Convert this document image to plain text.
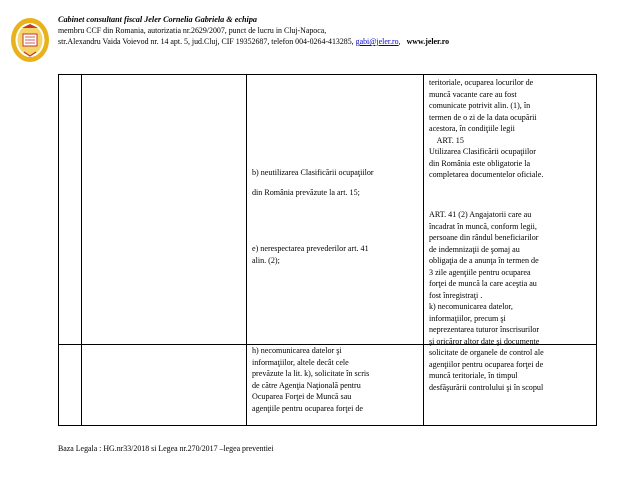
Cabinet consultant fiscal Jeler Cornelia Gabriela & echipa
membru CCF din Romania, autorizatia nr.2629/2007, punct de lucru in Cluj-Napoca,
str.Alexandru Vaida Voievod nr. 14 apt. 5, jud.Cluj, CIF 19352687, telefon 004-0264-413285, gabi@jeler.ro, www.jeler.ro
b) neutilizarea Clasificării ocupaţiilor
din România prevăzute la art. 15;
e) nerespectarea prevederilor art. 41
alin. (2);
h) necomunicarea datelor şi
informaţiilor, altele decât cele
prevăzute la lit. k), solicitate în scris
de către Agenţia Naţională pentru
Ocuparea Forţei de Muncă sau
agenţiile pentru ocuparea forţei de
teritoriale, ocuparea locurilor de
muncă vacante care au fost
comunicate potrivit alin. (1), în
termen de o zi de la data ocupării
acestora, în condiţiile legii
ART. 15
Utilizarea Clasificării ocupaţiilor
din România este obligatorie la
completarea documentelor oficiale.
ART. 41 (2) Angajatorii care au
încadrat în muncă, conform legii,
persoane din rândul beneficiarilor
de indemnizaţii de şomaj au
obligaţia de a anunţa în termen de
3 zile agenţiile pentru ocuparea
forţei de muncă la care aceştia au
fost înregistraţi .
k) necomunicarea datelor,
informaţiilor, precum şi
neprezentarea tuturor înscrisurilor
şi oricăror altor date şi documente
solicitate de organele de control ale
agenţiilor pentru ocuparea forţei de
muncă teritoriale, în timpul
desfăşurării controlului şi în scopul
Baza Legala : HG.nr33/2018 si Legea nr.270/2017 –legea preventiei
